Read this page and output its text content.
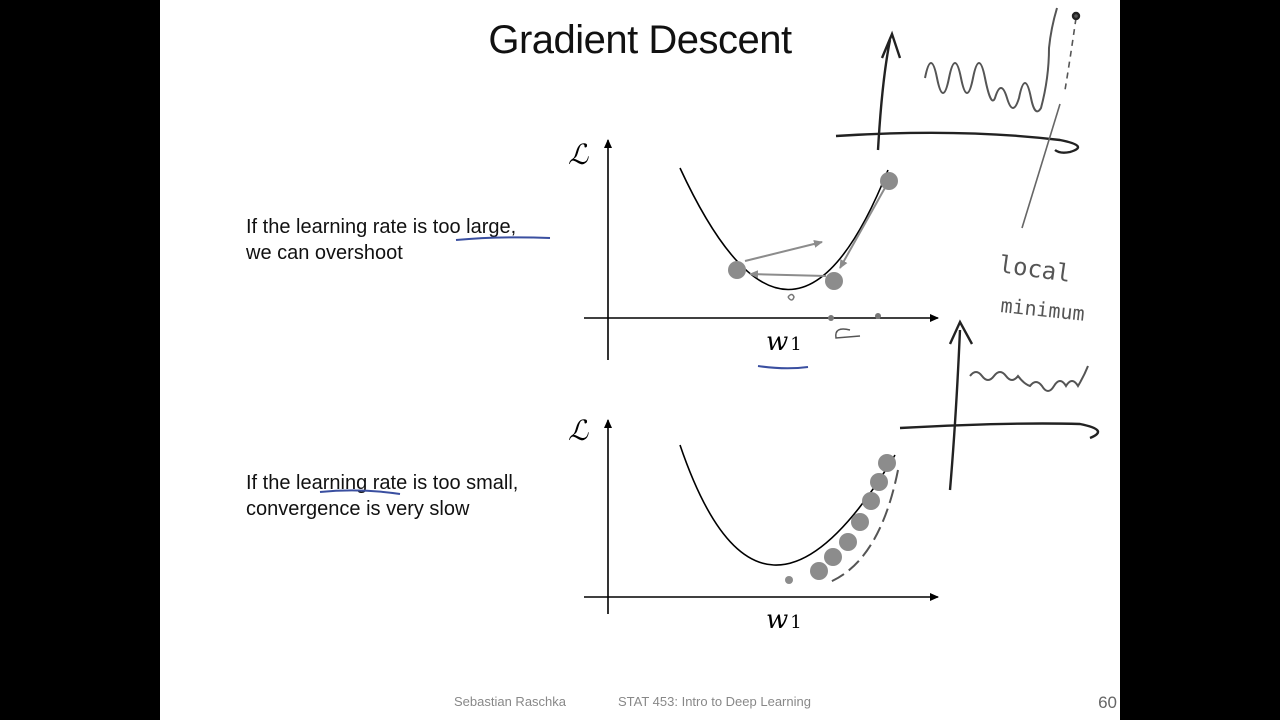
Gradient Descent
If the learning rate is too large,
we can overshoot
If the learning rate is too small,
convergence is very slow
ℒ
w 1
ℒ
w 1
local
minimum
Sebastian Raschka	STAT 453: Intro to Deep Learning	60
